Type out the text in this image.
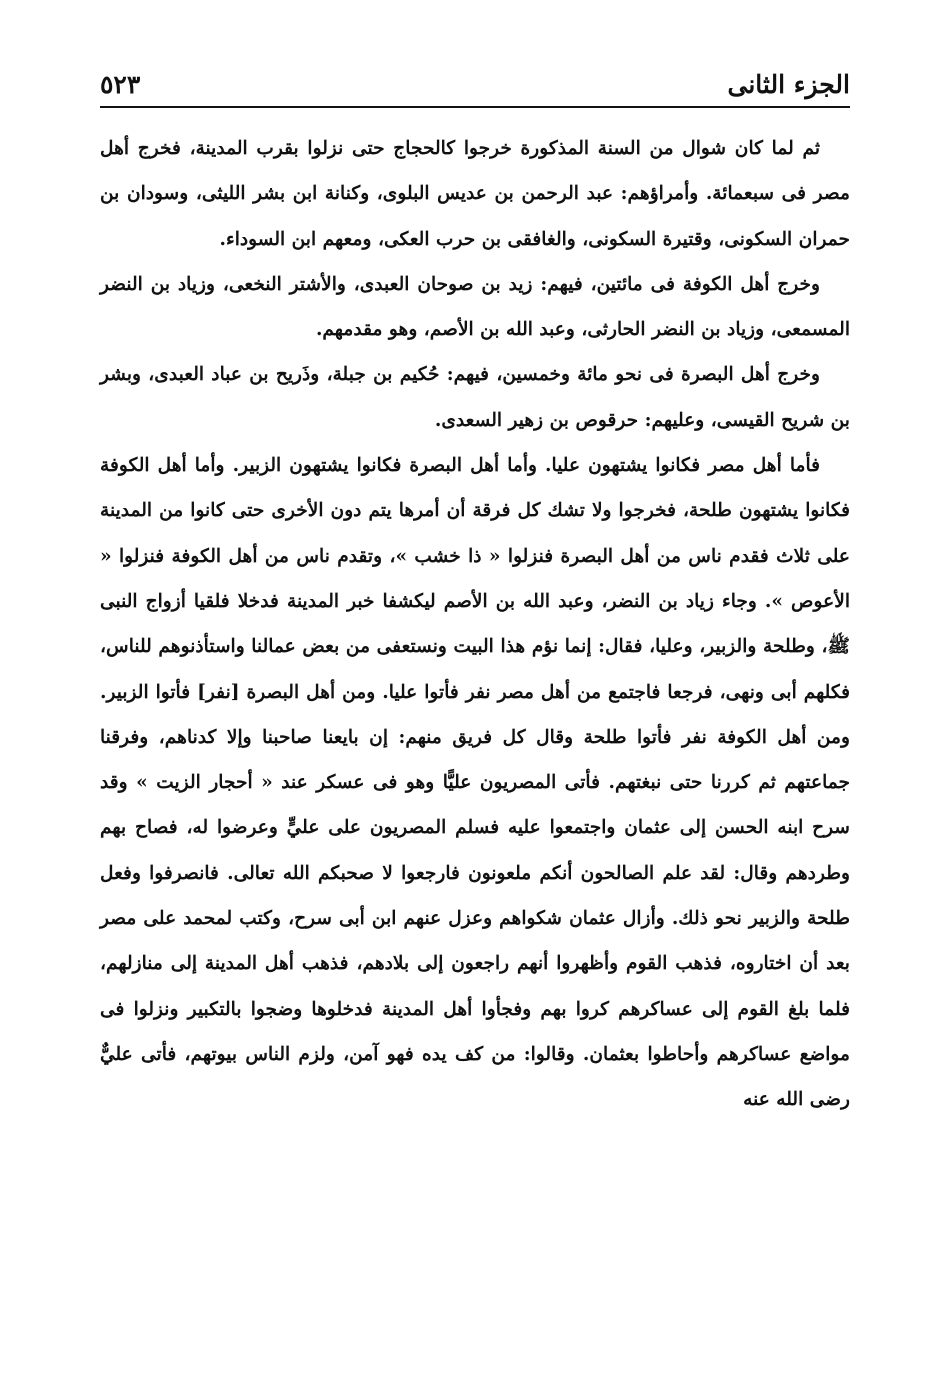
الجزء الثانى
٥٢٣

ثم لما كان شوال من السنة المذكورة خرجوا كالحجاج حتى نزلوا بقرب المدينة، فخرج أهل مصر فى سبعمائة. وأمراؤهم: عبد الرحمن بن عديس البلوى، وكنانة ابن بشر الليثى، وسودان بن حمران السكونى، وقتيرة السكونى، والغافقى بن حرب العكى، ومعهم ابن السوداء.

وخرج أهل الكوفة فى مائتين، فيهم: زيد بن صوحان العبدى، والأشتر النخعى، وزياد بن النضر المسمعى، وزياد بن النضر الحارثى، وعبد الله بن الأصم، وهو مقدمهم.

وخرج أهل البصرة فى نحو مائة وخمسين، فيهم: حُكيم بن جبلة، وذَريح بن عباد العبدى، وبشر بن شريح القيسى، وعليهم: حرقوص بن زهير السعدى.

فأما أهل مصر فكانوا يشتهون عليا. وأما أهل البصرة فكانوا يشتهون الزبير. وأما أهل الكوفة فكانوا يشتهون طلحة، فخرجوا ولا تشك كل فرقة أن أمرها يتم دون الأخرى حتى كانوا من المدينة على ثلاث فقدم ناس من أهل البصرة فنزلوا « ذا خشب »، وتقدم ناس من أهل الكوفة فنزلوا « الأعوص ». وجاء زياد بن النضر، وعبد الله بن الأصم ليكشفا خبر المدينة فدخلا فلقيا أزواج النبى ﷺ، وطلحة والزبير، وعليا، فقال: إنما نؤم هذا البيت ونستعفى من بعض عمالنا واستأذنوهم للناس، فكلهم أبى ونهى، فرجعا فاجتمع من أهل مصر نفر فأتوا عليا. ومن أهل البصرة [نفر] فأتوا الزبير. ومن أهل الكوفة نفر فأتوا طلحة وقال كل فريق منهم: إن بايعنا صاحبنا وإلا كدناهم، وفرقنا جماعتهم ثم كررنا حتى نبغتهم. فأتى المصريون عليًّا وهو فى عسكر عند « أحجار الزيت » وقد سرح ابنه الحسن إلى عثمان واجتمعوا عليه فسلم المصريون على عليٍّ وعرضوا له، فصاح بهم وطردهم وقال: لقد علم الصالحون أنكم ملعونون فارجعوا لا صحبكم الله تعالى. فانصرفوا وفعل طلحة والزبير نحو ذلك. وأزال عثمان شكواهم وعزل عنهم ابن أبى سرح، وكتب لمحمد على مصر بعد أن اختاروه، فذهب القوم وأظهروا أنهم راجعون إلى بلادهم، فذهب أهل المدينة إلى منازلهم، فلما بلغ القوم إلى عساكرهم كروا بهم وفجأوا أهل المدينة فدخلوها وضجوا بالتكبير ونزلوا فى مواضع عساكرهم وأحاطوا بعثمان. وقالوا: من كف يده فهو آمن، ولزم الناس بيوتهم، فأتى عليٌّ رضى الله عنه
